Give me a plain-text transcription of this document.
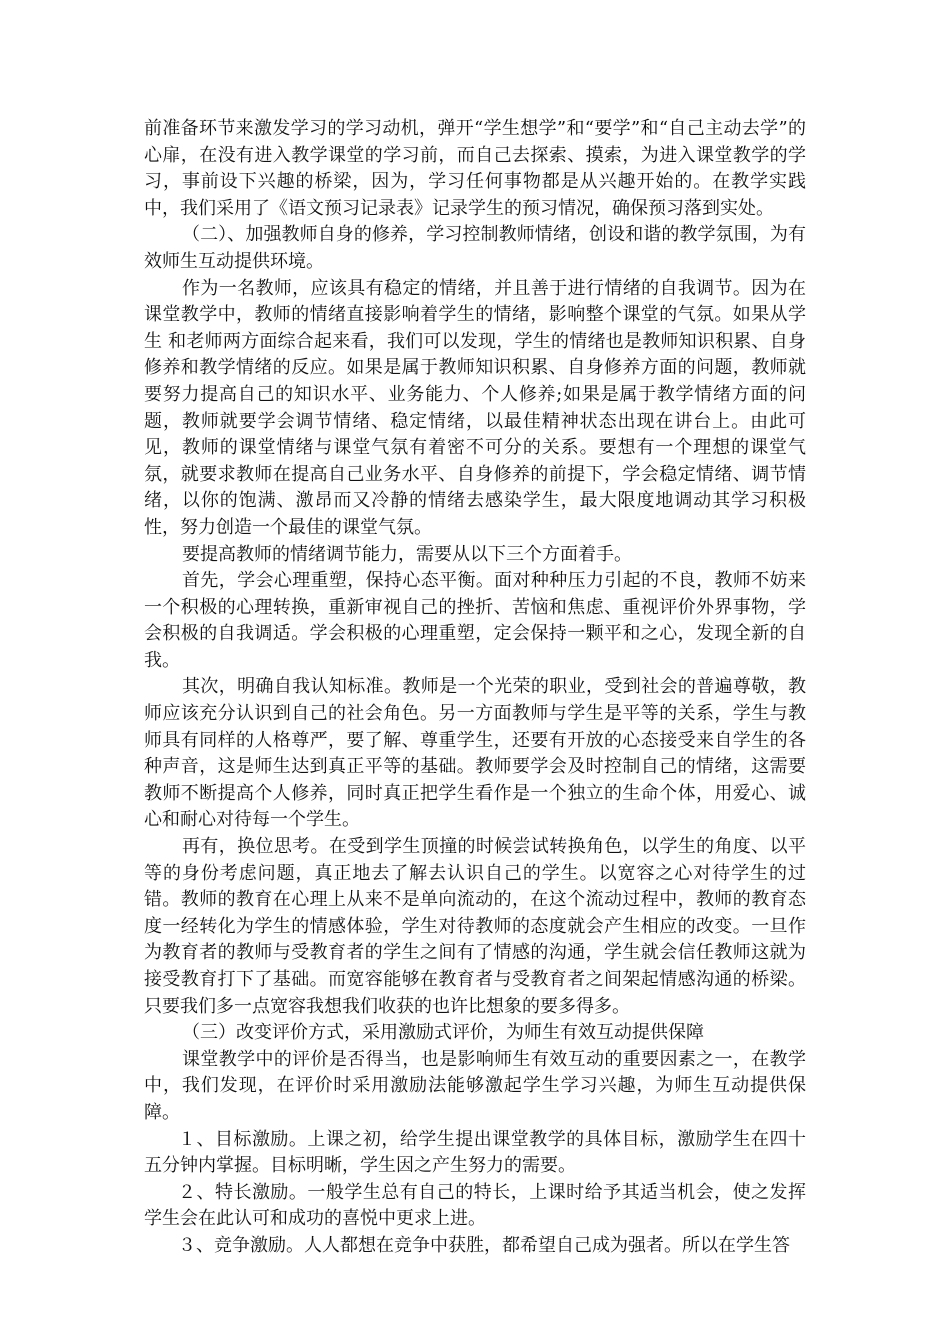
前准备环节来激发学习的学习动机，弹开“学生想学”和“要学”和“自己主动去学”的心扉，在没有进入教学课堂的学习前，而自己去探索、摸索，为进入课堂教学的学习，事前设下兴趣的桥梁，因为，学习任何事物都是从兴趣开始的。在教学实践中，我们采用了《语文预习记录表》记录学生的预习情况，确保预习落到实处。

（二）、加强教师自身的修养，学习控制教师情绪，创设和谐的教学氛围，为有效师生互动提供环境。

作为一名教师，应该具有稳定的情绪，并且善于进行情绪的自我调节。因为在课堂教学中，教师的情绪直接影响着学生的情绪，影响整个课堂的气氛。如果从学生 和老师两方面综合起来看，我们可以发现，学生的情绪也是教师知识积累、自身修养和教学情绪的反应。如果是属于教师知识积累、自身修养方面的问题，教师就要努力提高自己的知识水平、业务能力、个人修养;如果是属于教学情绪方面的问题，教师就要学会调节情绪、稳定情绪，以最佳精神状态出现在讲台上。由此可见，教师的课堂情绪与课堂气氛有着密不可分的关系。要想有一个理想的课堂气氛，就要求教师在提高自己业务水平、自身修养的前提下，学会稳定情绪、调节情绪，以你的饱满、激昂而又冷静的情绪去感染学生，最大限度地调动其学习积极性，努力创造一个最佳的课堂气氛。

要提高教师的情绪调节能力，需要从以下三个方面着手。

首先，学会心理重塑，保持心态平衡。面对种种压力引起的不良，教师不妨来一个积极的心理转换，重新审视自己的挫折、苦恼和焦虑、重视评价外界事物，学会积极的自我调适。学会积极的心理重塑，定会保持一颗平和之心，发现全新的自我。

其次，明确自我认知标准。教师是一个光荣的职业，受到社会的普遍尊敬，教师应该充分认识到自己的社会角色。另一方面教师与学生是平等的关系，学生与教师具有同样的人格尊严，要了解、尊重学生，还要有开放的心态接受来自学生的各种声音，这是师生达到真正平等的基础。教师要学会及时控制自己的情绪，这需要教师不断提高个人修养，同时真正把学生看作是一个独立的生命个体，用爱心、诚心和耐心对待每一个学生。

再有，换位思考。在受到学生顶撞的时候尝试转换角色，以学生的角度、以平等的身份考虑问题，真正地去了解去认识自己的学生。以宽容之心对待学生的过错。教师的教育在心理上从来不是单向流动的，在这个流动过程中，教师的教育态度一经转化为学生的情感体验，学生对待教师的态度就会产生相应的改变。一旦作为教育者的教师与受教育者的学生之间有了情感的沟通，学生就会信任教师这就为接受教育打下了基础。而宽容能够在教育者与受教育者之间架起情感沟通的桥梁。只要我们多一点宽容我想我们收获的也许比想象的要多得多。

（三）改变评价方式，采用激励式评价，为师生有效互动提供保障

课堂教学中的评价是否得当，也是影响师生有效互动的重要因素之一，在教学中，我们发现，在评价时采用激励法能够激起学生学习兴趣，为师生互动提供保障。

１、目标激励。上课之初，给学生提出课堂教学的具体目标，激励学生在四十五分钟内掌握。目标明晰，学生因之产生努力的需要。

２、特长激励。一般学生总有自己的特长，上课时给予其适当机会，使之发挥学生会在此认可和成功的喜悦中更求上进。

３、竞争激励。人人都想在竞争中获胜，都希望自己成为强者。所以在学生答
